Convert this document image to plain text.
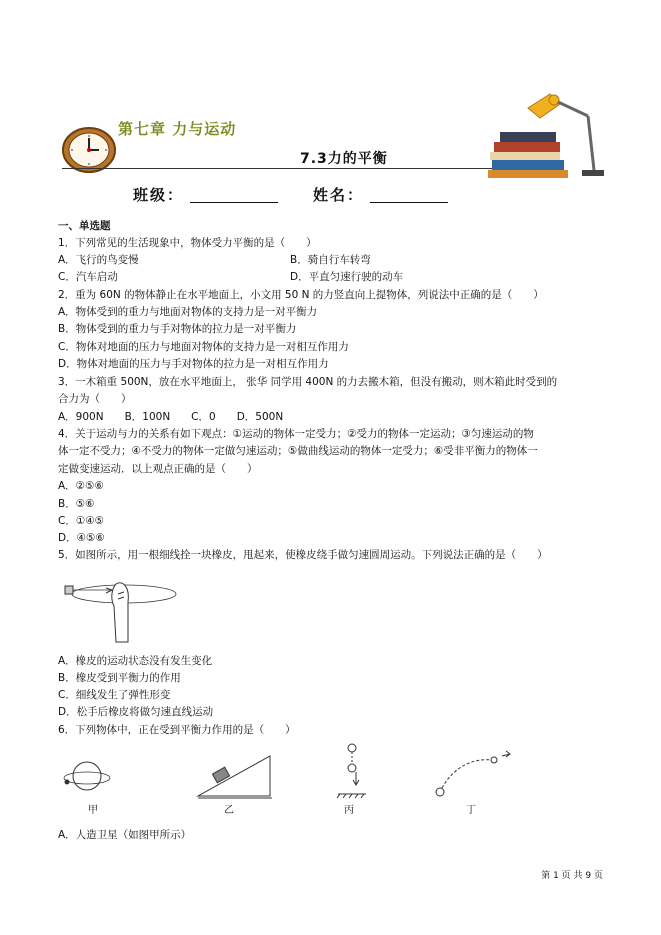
第七章 力与运动
7.3力的平衡
班级：	姓名：
一、单选题
1．下列常见的生活现象中，物体受力平衡的是（　　）
A．飞行的鸟变慢	B．骑自行车转弯
C．汽车启动	D．平直匀速行驶的动车
2．重为 60N 的物体静止在水平地面上，小文用 50 N 的力竖直向上提物体，列说法中正确的是（　　）
A．物体受到的重力与地面对物体的支持力是一对平衡力
B．物体受到的重力与手对物体的拉力是一对平衡力
C．物体对地面的压力与地面对物体的支持力是一对相互作用力
D．物体对地面的压力与手对物体的拉力是一对相互作用力
3．一木箱重 500N，放在水平地面上， 张华 同学用 400N 的力去搬木箱，但没有搬动，则木箱此时受到的
合力为（　　）
A．900N　　B．100N　　C．0　　D．500N
4．关于运动与力的关系有如下观点：①运动的物体一定受力；②受力的物体一定运动；③匀速运动的物
体一定不受力；④不受力的物体一定做匀速运动；⑤做曲线运动的物体一定受力；⑥受非平衡力的物体一
定做变速运动．以上观点正确的是（　　）
A．②⑤⑥
B．⑤⑥
C．①④⑤
D．④⑤⑥
5．如图所示，用一根细线拴一块橡皮，甩起来，使橡皮绕手做匀速圆周运动。下列说法正确的是（　　）
A．橡皮的运动状态没有发生变化
B．橡皮受到平衡力的作用
C．细线发生了弹性形变
D．松手后橡皮将做匀速直线运动
6．下列物体中，正在受到平衡力作用的是（　　）
甲	乙	丙	丁
A．人造卫星（如图甲所示）
第 1 页 共 9 页
